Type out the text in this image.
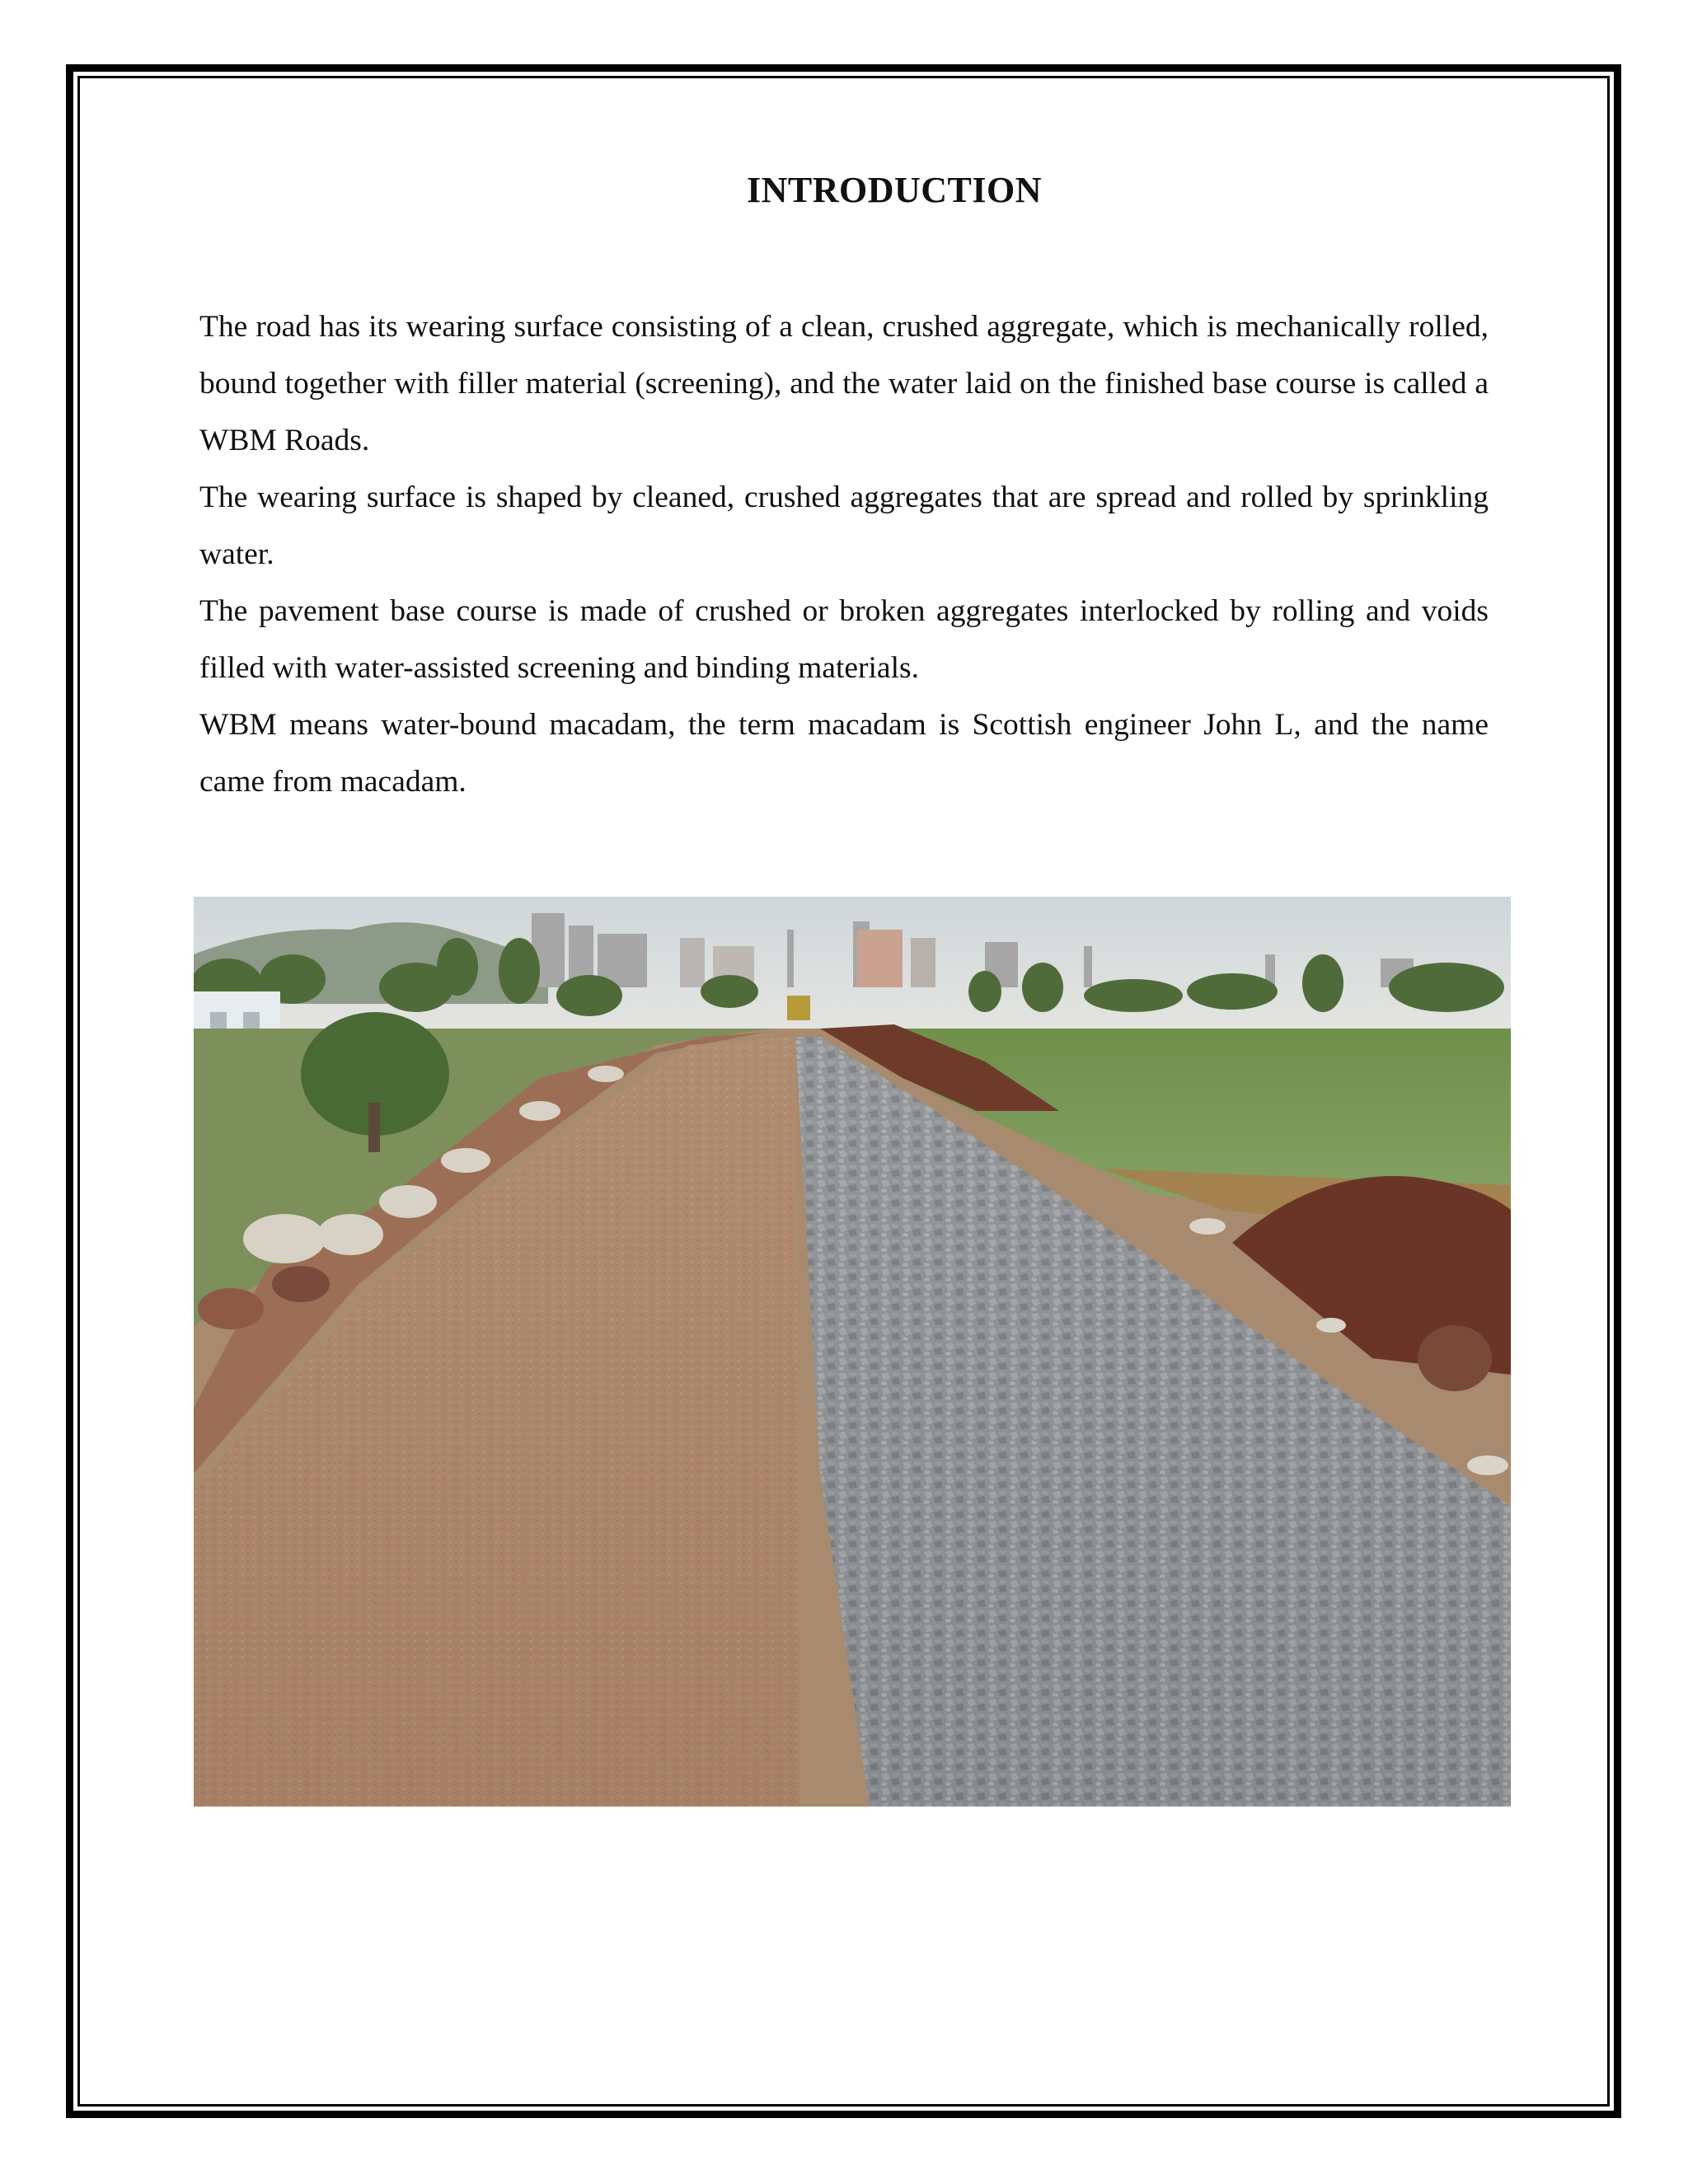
INTRODUCTION

The road has its wearing surface consisting of a clean, crushed aggregate, which is mechanically rolled, bound together with filler material (screening), and the water laid on the finished base course is called a WBM Roads.

The wearing surface is shaped by cleaned, crushed aggregates that are spread and rolled by sprinkling water.

The pavement base course is made of crushed or broken aggregates interlocked by rolling and voids filled with water-assisted screening and binding materials.

WBM means water-bound macadam, the term macadam is Scottish engineer John L, and the name came from macadam.
